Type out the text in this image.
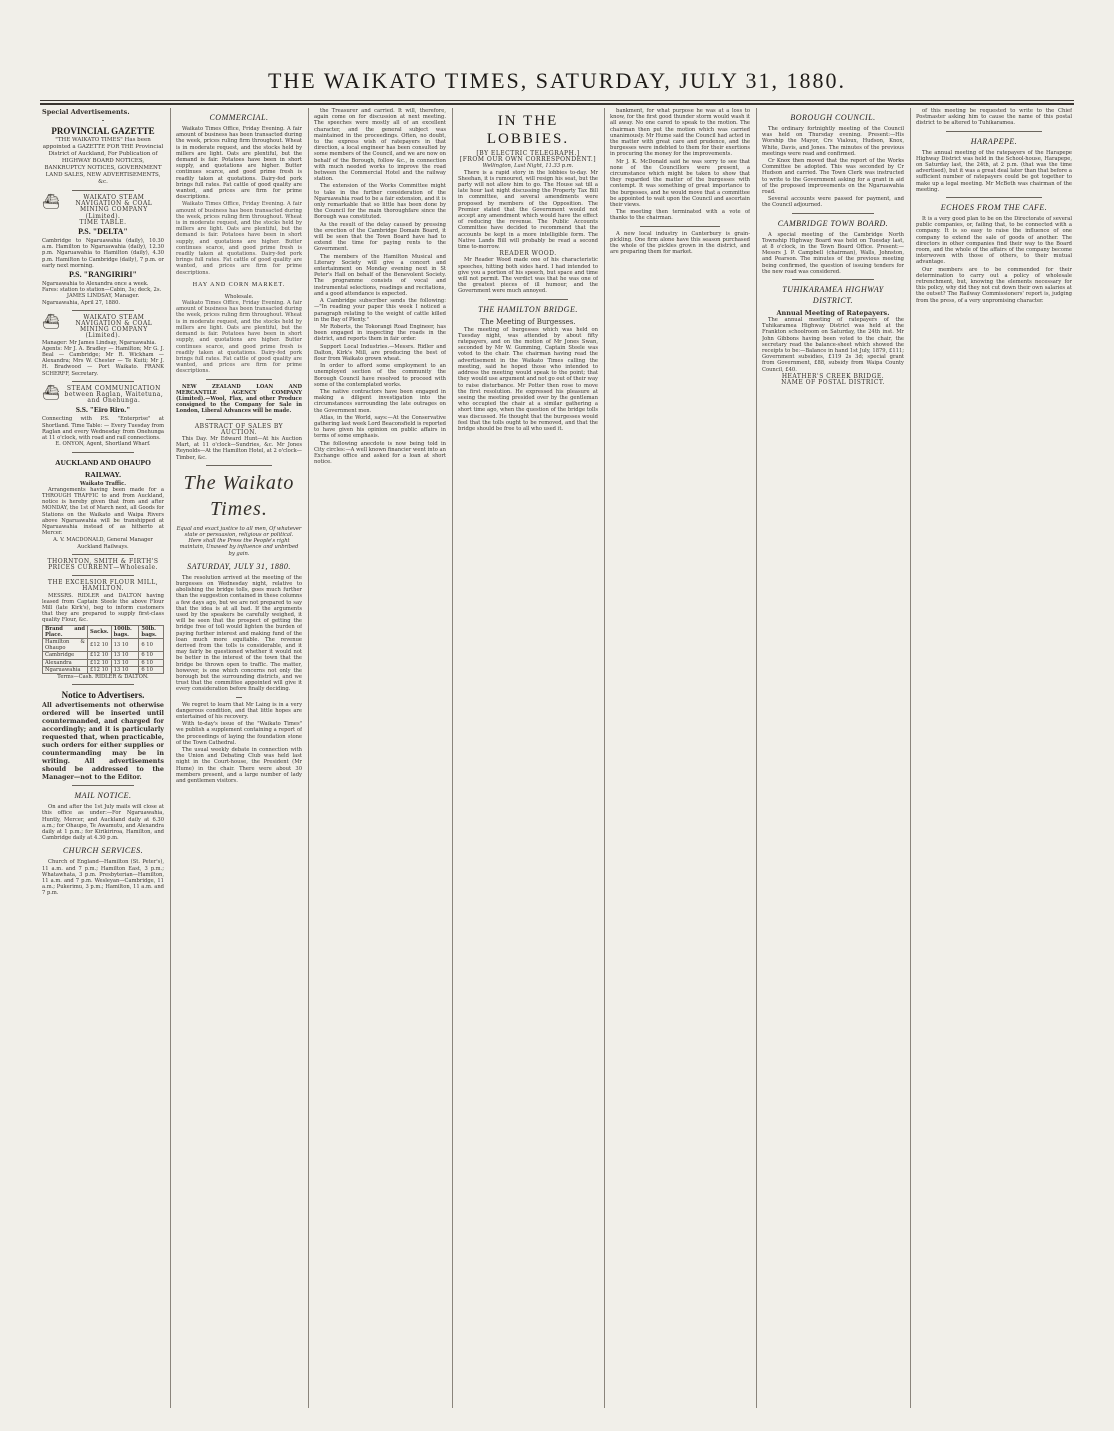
THE WAIKATO TIMES, SATURDAY, JULY 31, 1880.
Special Advertisements.
PROVINCIAL GAZETTE
"THE WAIKATO TIMES" Has been appointed a GAZETTE FOR THE Provincial District of Auckland, For Publication of HIGHWAY BOARD NOTICES, BANKRUPTCY NOTICES, GOVERNMENT LAND SALES, NEW ADVERTISEMENTS, &c.
⛴	WAIKATO STEAM NAVIGATION & COAL MINING COMPANY (Limited).
TIME TABLE.
P.S. "DELTA"
Cambridge to Ngaruawahia (daily), 10.30 a.m. Hamilton to Ngaruawahia (daily), 12.30 p.m. Ngaruawahia to Hamilton (daily), 4.30 p.m. Hamilton to Cambridge (daily), 7 p.m. or early next morning.
P.S. "RANGIRIRI"
Ngaruawahia to Alexandra once a week.
Fares: station to station—Cabin, 3s; deck, 2s.
JAMES LINDSAY, Manager.
Ngaruawahia, April 27, 1880.
⛴	WAIKATO STEAM NAVIGATION & COAL MINING COMPANY (Limited).
Manager: Mr James Lindsay, Ngaruawahia.
Agents: Mr J. A. Bradley — Hamilton; Mr G. J. Beal — Cambridge; Mr R. Wickham — Alexandra; Mrs W. Chester — Te Kuiti; Mr J. H. Bradwood — Port Waikato. FRANK SCHERFF, Secretary.
⛴	STEAM COMMUNICATION between Raglan, Waitetuna, and Onehunga.
S.S. "Eiro Riro."
Connecting with P.S. "Enterprise" at Shortland. Time Table: — Every Tuesday from Raglan and every Wednesday from Onehunga at 11 o'clock, with road and rail connections.
E. ONYON, Agent, Shortland Wharf.
AUCKLAND AND OHAUPO RAILWAY.
Waikato Traffic.
Arrangements having been made for a THROUGH TRAFFIC to and from Auckland, notice is hereby given that from and after MONDAY, the 1st of March next, all Goods for Stations on the Waikato and Waipa Rivers above Ngaruawahia will be transhipped at Ngaruawahia instead of as hitherto at Mercer.
A. V. MACDONALD, General Manager Auckland Railways.
THORNTON, SMITH & FIRTH'S PRICES CURRENT—Wholesale.
THE EXCELSIOR FLOUR MILL, HAMILTON.
MESSRS. RIDLER and DALTON having leased from Captain Steele the above Flour Mill (late Kirk's), beg to inform customers that they are prepared to supply first-class quality Flour, &c.
Brand and Place.	Sacks.	100lb. bags.	50lb. bags.
Hamilton & Ohaupo	£12 10	13 10	6 10
Cambridge	£12 10	13 10	6 10
Alexandra	£12 10	13 10	6 10
Ngaruawahia	£12 10	13 10	6 10
Terms—Cash. RIDLER & DALTON.
Notice to Advertisers.
All advertisements not otherwise ordered will be inserted until countermanded, and charged for accordingly; and it is particularly requested that, when practicable, such orders for either supplies or countermanding may be in writing. All advertisements should be addressed to the Manager—not to the Editor.
MAIL NOTICE.
On and after the 1st July mails will close at this office as under:—For Ngaruawahia, Huntly, Mercer, and Auckland daily at 6.30 a.m.; for Ohaupo, Te Awamutu, and Alexandra daily at 1 p.m.; for Kirikiriroa, Hamilton, and Cambridge daily at 4.30 p.m.
CHURCH SERVICES.
Church of England—Hamilton (St. Peter's), 11 a.m. and 7 p.m.; Hamilton East, 3 p.m.; Whatawhata, 3 p.m. Presbyterian—Hamilton, 11 a.m. and 7 p.m. Wesleyan—Cambridge, 11 a.m.; Pukerimu, 3 p.m.; Hamilton, 11 a.m. and 7 p.m.
COMMERCIAL.
Waikato Times Office, Friday Evening. A fair amount of business has been transacted during the week, prices ruling firm throughout. Wheat is in moderate request, and the stocks held by millers are light. Oats are plentiful, but the demand is fair. Potatoes have been in short supply, and quotations are higher. Butter continues scarce, and good prime fresh is readily taken at quotations. Dairy-fed pork brings full rates. Fat cattle of good quality are wanted, and prices are firm for prime descriptions.
Waikato Times Office, Friday Evening. A fair amount of business has been transacted during the week, prices ruling firm throughout. Wheat is in moderate request, and the stocks held by millers are light. Oats are plentiful, but the demand is fair. Potatoes have been in short supply, and quotations are higher. Butter continues scarce, and good prime fresh is readily taken at quotations. Dairy-fed pork brings full rates. Fat cattle of good quality are wanted, and prices are firm for prime descriptions.
HAY AND CORN MARKET.
Wholesale.
Waikato Times Office, Friday Evening. A fair amount of business has been transacted during the week, prices ruling firm throughout. Wheat is in moderate request, and the stocks held by millers are light. Oats are plentiful, but the demand is fair. Potatoes have been in short supply, and quotations are higher. Butter continues scarce, and good prime fresh is readily taken at quotations. Dairy-fed pork brings full rates. Fat cattle of good quality are wanted, and prices are firm for prime descriptions.
NEW ZEALAND LOAN AND MERCANTILE AGENCY COMPANY (Limited).—Wool, Flax, and other Produce consigned to the Company for Sale in London, Liberal Advances will be made.
ABSTRACT OF SALES BY AUCTION.
This Day. Mr Edward Hunt—At his Auction Mart, at 11 o'clock—Sundries, &c. Mr Jones Reynolds—At the Hamilton Hotel, at 2 o'clock—Timber, &c.
The Waikato Times.
Equal and exact justice to all men, Of whatever state or persuasion, religious or political.
Here shall the Press the People's right maintain, Unawed by influence and unbribed by gain.
SATURDAY, JULY 31, 1880.
The resolution arrived at the meeting of the burgesses on Wednesday night, relative to abolishing the bridge tolls, goes much further than the suggestion contained in these columns a few days ago, but we are not prepared to say that the idea is at all bad. If the arguments used by the speakers be carefully weighed, it will be seen that the prospect of getting the bridge free of toll would lighten the burden of paying further interest and making fund of the loan much more equitable. The revenue derived from the tolls is considerable, and it may fairly be questioned whether it would not be better in the interest of the town that the bridge be thrown open to traffic. The matter, however, is one which concerns not only the borough but the surrounding districts, and we trust that the committee appointed will give it every consideration before finally deciding.
We regret to learn that Mr Laing is in a very dangerous condition, and that little hopes are entertained of his recovery.
With to-day's issue of the "Waikato Times" we publish a supplement containing a report of the proceedings of laying the foundation stone of the Town Cathedral.
The usual weekly debate in connection with the Union and Debating Club was held last night in the Court-house, the President (Mr Hume) in the chair. There were about 30 members present, and a large number of lady and gentlemen visitors.
the Treasurer and carried. It will, therefore, again come on for discussion at next meeting. The speeches were mostly all of an excellent character, and the general subject was maintained in the proceedings. Often, no doubt, to the express wish of ratepayers in that direction, a local engineer has been consulted by some members of the Council, and we are now on behalf of the Borough, follow &c., in connection with much needed works to improve the road between the Commercial Hotel and the railway station.
The extension of the Works Committee might to take in the further consideration of the Ngaruawahia road to be a fair extension, and it is only remarkable that so little has been done by the Council for the main thoroughfare since the Borough was constituted.
As the result of the delay caused by pressing the erection of the Cambridge Domain Board, it will be seen that the Town Board have had to extend the time for paying rents to the Government.
The members of the Hamilton Musical and Literary Society will give a concert and entertainment on Monday evening next in St Peter's Hall on behalf of the Benevolent Society. The programme consists of vocal and instrumental selections, readings and recitations, and a good attendance is expected.
A Cambridge subscriber sends the following:—"In reading your paper this week I noticed a paragraph relating to the weight of cattle killed in the Bay of Plenty."
Mr Roberts, the Tokorangi Road Engineer, has been engaged in inspecting the roads in the district, and reports them in fair order.
Support Local Industries.—Messrs. Ridler and Dalton, Kirk's Mill, are producing the best of flour from Waikato grown wheat.
In order to afford some employment to an unemployed section of the community the Borough Council have resolved to proceed with some of the contemplated works.
The native contractors have been engaged in making a diligent investigation into the circumstances surrounding the late outrages on the Government men.
Atlas, in the World, says:—At the Conservative gathering last week Lord Beaconsfield is reported to have given his opinion on public affairs in terms of some emphasis.
The following anecdote is now being told in City circles:—A well known financier went into an Exchange office and asked for a loan at short notice.
IN THE LOBBIES.
[BY ELECTRIC TELEGRAPH.]
[FROM OUR OWN CORRESPONDENT.]
Wellington, Last Night, 11.33 p.m.
There is a rapid story in the lobbies to-day. Mr Sheehan, it is rumoured, will resign his seat, but the party will not allow him to go. The House sat till a late hour last night discussing the Property Tax Bill in committee, and several amendments were proposed by members of the Opposition. The Premier stated that the Government would not accept any amendment which would have the effect of reducing the revenue. The Public Accounts Committee have decided to recommend that the accounts be kept in a more intelligible form. The Native Lands Bill will probably be read a second time to-morrow.
READER WOOD.
Mr Reader Wood made one of his characteristic speeches, hitting both sides hard. I had intended to give you a portion of his speech, but space and time will not permit. The verdict was that he was one of the greatest pieces of ill humour, and the Government were much annoyed.
THE HAMILTON BRIDGE.
The Meeting of Burgesses.
The meeting of burgesses which was held on Tuesday night, was attended by about fifty ratepayers, and on the motion of Mr Jones Swan, seconded by Mr W. Gumming, Captain Steele was voted to the chair. The chairman having read the advertisement in the Waikato Times calling the meeting, said he hoped those who intended to address the meeting would speak to the point; that they would use argument and not go out of their way to raise disturbance. Mr Potter then rose to move the first resolution. He expressed his pleasure at seeing the meeting presided over by the gentleman who occupied the chair at a similar gathering a short time ago, when the question of the bridge tolls was discussed. He thought that the burgesses would feel that the tolls ought to be removed, and that the bridge should be free to all who used it.
bankment, for what purpose he was at a loss to know, for the first good thunder storm would wash it all away. No one cared to speak to the motion. The chairman then put the motion which was carried unanimously. Mr Hume said the Council had acted in the matter with great care and prudence, and the burgesses were indebted to them for their exertions in procuring the money for the improvements.
Mr J. K. McDonald said he was sorry to see that none of the Councillors were present, a circumstance which might be taken to show that they regarded the matter of the burgesses with contempt. It was something of great importance to the burgesses, and he would move that a committee be appointed to wait upon the Council and ascertain their views.
The meeting then terminated with a vote of thanks to the chairman.
A new local industry in Canterbury is grain-pickling. One firm alone have this season purchased the whole of the pickles grown in the district, and are preparing them for market.
BOROUGH COUNCIL.
The ordinary fortnightly meeting of the Council was held on Thursday evening. Present:—His Worship the Mayor, Crs Vialoux, Hudson, Knox, White, Davis, and Jones. The minutes of the previous meetings were read and confirmed.
Cr Knox then moved that the report of the Works Committee be adopted. This was seconded by Cr Hudson and carried. The Town Clerk was instructed to write to the Government asking for a grant in aid of the proposed improvements on the Ngaruawahia road.
Several accounts were passed for payment, and the Council adjourned.
CAMBRIDGE TOWN BOARD.
A special meeting of the Cambridge North Township Highway Board was held on Tuesday last, at 8 o'clock, in the Town Board Office. Present:—Messrs J. P. Campbell (chairman), Walls, Johnston, and Pearson. The minutes of the previous meeting being confirmed, the question of issuing tenders for the new road was considered.
TUHIKARAMEA HIGHWAY DISTRICT.
Annual Meeting of Ratepayers.
The annual meeting of ratepayers of the Tuhikaramea Highway District was held at the Frankton schoolroom on Saturday, the 24th inst. Mr John Gibbons having been voted to the chair, the secretary read the balance-sheet which showed the receipts to be:—Balance in hand 1st July, 1879, £111; Government subsidies, £119 2s 3d; special grant from Government, £88, subsidy from Waipa County Council, £40.
HEATHER'S CREEK BRIDGE.
NAME OF POSTAL DISTRICT.
of this meeting be requested to write to the Chief Postmaster asking him to cause the name of this postal district to be altered to Tuhikaramea.
HARAPEPE.
The annual meeting of the ratepayers of the Harapepe Highway District was held in the School-house, Harapepe, on Saturday last, the 24th, at 2 p.m. (that was the time advertised), but it was a great deal later than that before a sufficient number of ratepayers could be got together to make up a legal meeting. Mr McBeth was chairman of the meeting.
ECHOES FROM THE CAFE.
It is a very good plan to be on the Directorate of several public companies, or, failing that, to be connected with a company. It is so easy to raise the influence of one company to extend the sale of goods of another. The directors in other companies find their way to the Board room, and the whole of the affairs of the company become interwoven with those of others, to their mutual advantage.
Our members are to be commended for their determination to carry out a policy of wholesale retrenchment, but, knowing the elements necessary for this policy, why did they not cut down their own salaries at the outset? The Railway Commissioners' report is, judging from the press, of a very unpromising character.
